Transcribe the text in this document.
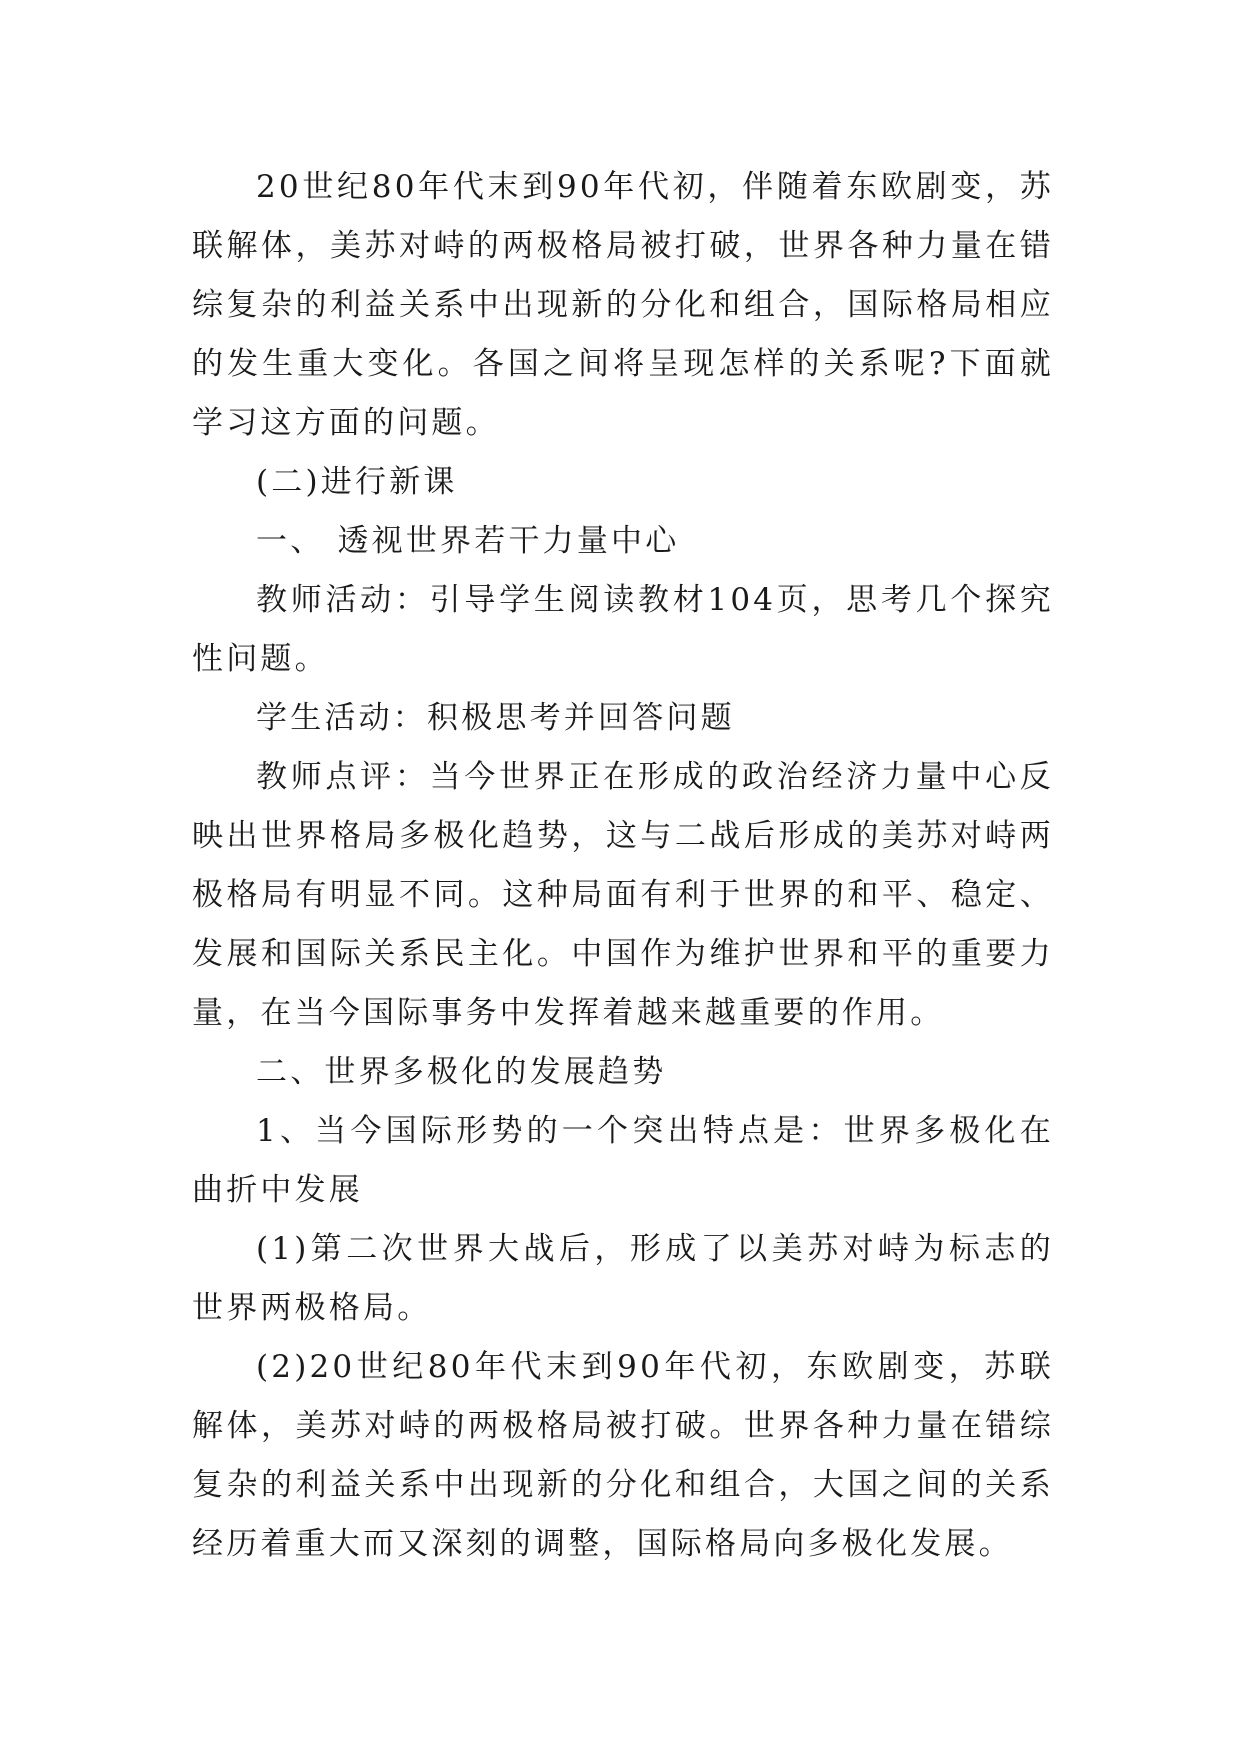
20世纪80年代末到90年代初，伴随着东欧剧变，苏联解体，美苏对峙的两极格局被打破，世界各种力量在错综复杂的利益关系中出现新的分化和组合，国际格局相应的发生重大变化。各国之间将呈现怎样的关系呢?下面就学习这方面的问题。

(二)进行新课

一、 透视世界若干力量中心

教师活动：引导学生阅读教材104页，思考几个探究性问题。

学生活动：积极思考并回答问题

教师点评：当今世界正在形成的政治经济力量中心反映出世界格局多极化趋势，这与二战后形成的美苏对峙两极格局有明显不同。这种局面有利于世界的和平、稳定、发展和国际关系民主化。中国作为维护世界和平的重要力量，在当今国际事务中发挥着越来越重要的作用。

二、世界多极化的发展趋势

1、当今国际形势的一个突出特点是：世界多极化在曲折中发展

(1)第二次世界大战后，形成了以美苏对峙为标志的世界两极格局。

(2)20世纪80年代末到90年代初，东欧剧变，苏联解体，美苏对峙的两极格局被打破。世界各种力量在错综复杂的利益关系中出现新的分化和组合，大国之间的关系经历着重大而又深刻的调整，国际格局向多极化发展。
